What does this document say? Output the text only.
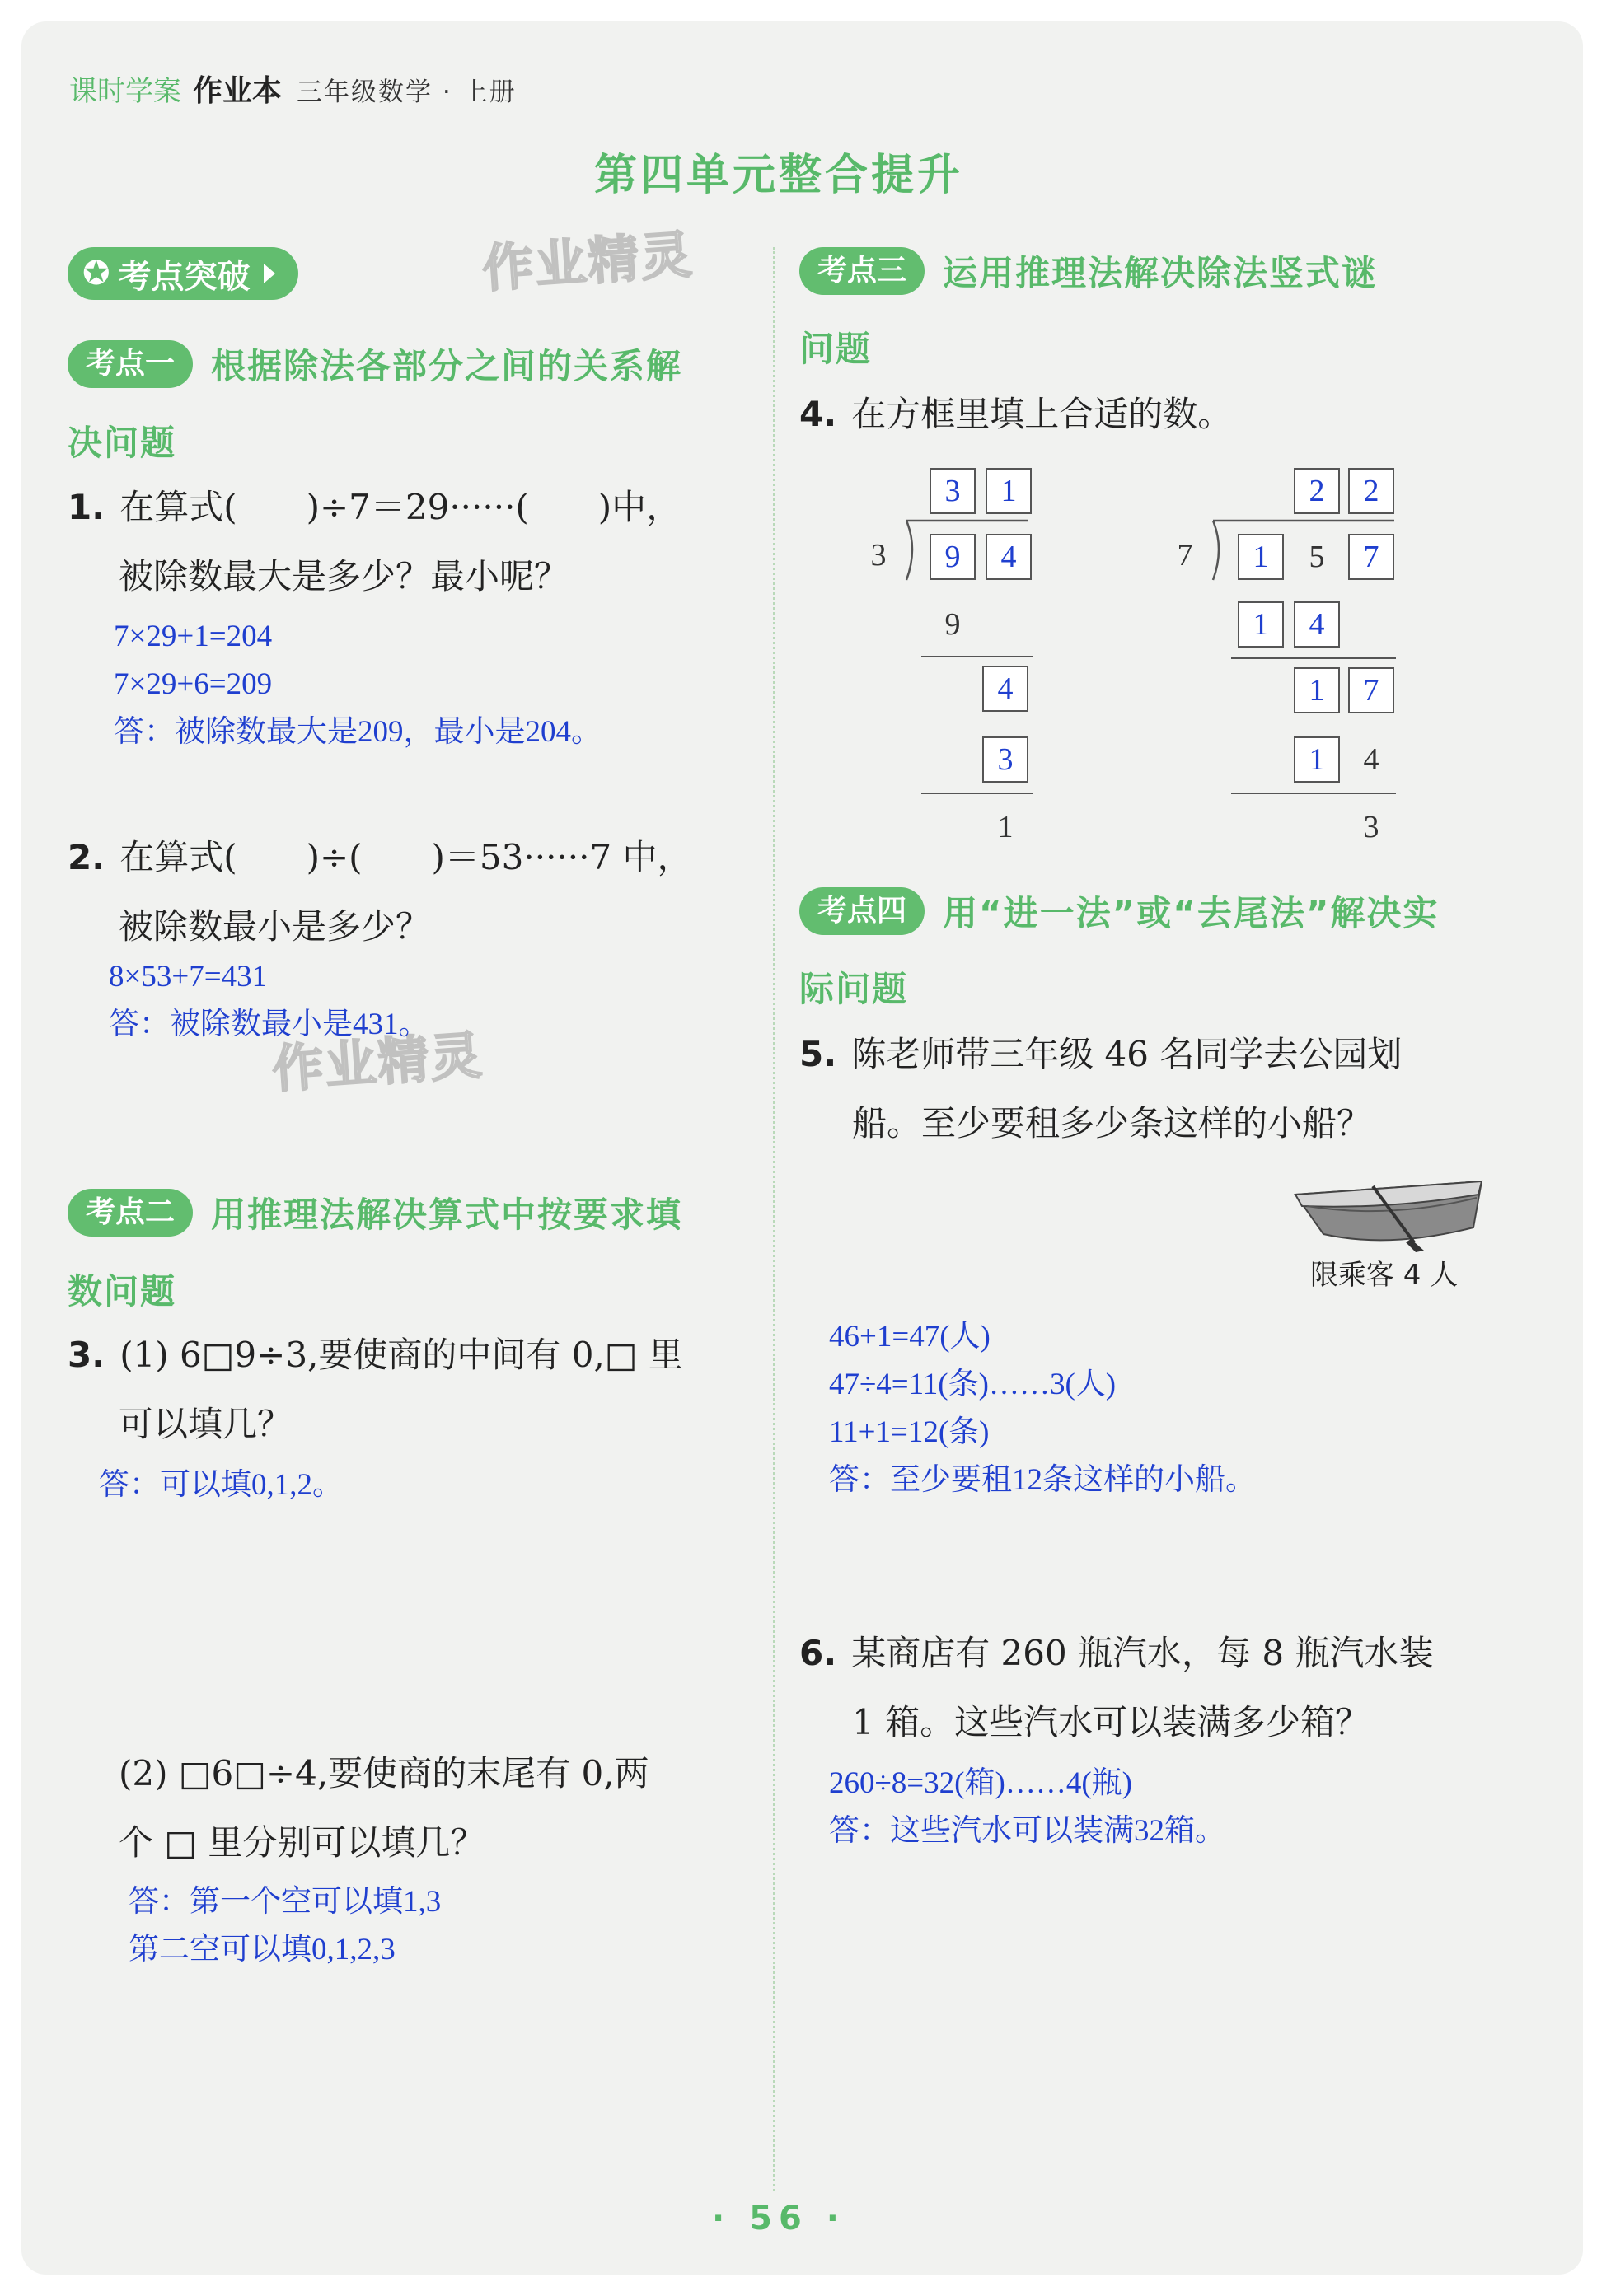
课时学案 作业本 三年级数学 · 上册
第四单元整合提升
✪ 考点突破	作业精灵
作业精灵
考点一	根据除法各部分之间的关系解
决问题
1. 在算式(　　)÷7＝29······(　　)中，
被除数最大是多少？最小呢？
7×29+1=204
7×29+6=209
答：被除数最大是209，最小是204。
2. 在算式(　　)÷(　　)＝53······7 中，
被除数最小是多少？
8×53+7=431
答：被除数最小是431。
考点二	用推理法解决算式中按要求填
数问题
3. (1) 6□9÷3,要使商的中间有 0,□ 里
可以填几？
答：可以填0,1,2。
(2) □6□÷4,要使商的末尾有 0,两
个 □ 里分别可以填几？
答：第一个空可以填1,3
第二空可以填0,1,2,3
考点三	运用推理法解决除法竖式谜
问题
4. 在方框里填上合适的数。
3	1
3	9	4
9
4
3
1
2	2
7	1	5	7
1	4
1	7
1	4
3
考点四	用“进一法”或“去尾法”解决实
际问题
5. 陈老师带三年级 46 名同学去公园划
船。至少要租多少条这样的小船？
限乘客 4 人
46+1=47(人)
47÷4=11(条)……3(人)
11+1=12(条)
答：至少要租12条这样的小船。
6. 某商店有 260 瓶汽水，每 8 瓶汽水装
1 箱。这些汽水可以装满多少箱？
260÷8=32(箱)……4(瓶)
答：这些汽水可以装满32箱。
· 56 ·
